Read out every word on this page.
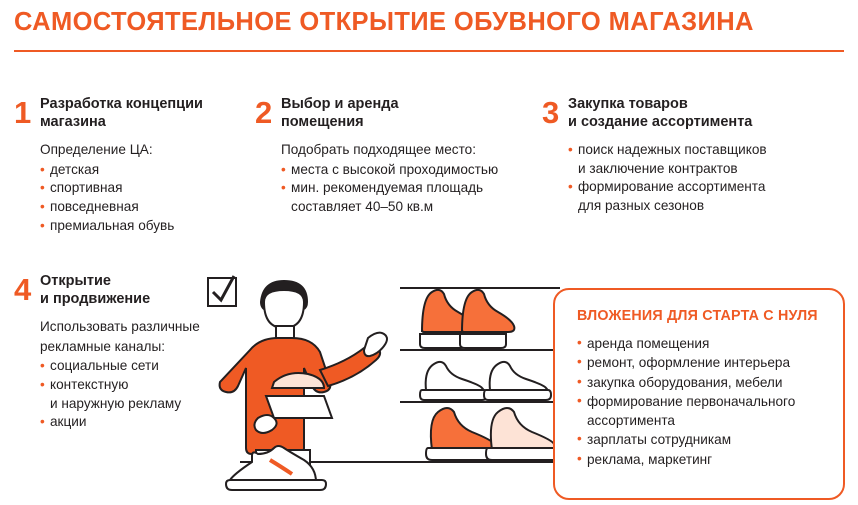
САМОСТОЯТЕЛЬНОЕ ОТКРЫТИЕ ОБУВНОГО МАГАЗИНА
1 Разработка концепции
магазина
Определение ЦА:
• детская
• спортивная
• повседневная
• премиальная обувь
2 Выбор и аренда
помещения
Подобрать подходящее место:
• места с высокой проходимостью
• мин. рекомендуемая площадь
составляет 40–50 кв.м
3 Закупка товаров
и создание ассортимента
• поиск надежных поставщиков
и заключение контрактов
• формирование ассортимента
для разных сезонов
4 Открытие
и продвижение
Использовать различные
рекламные каналы:
• социальные сети
• контекстную
и наружную рекламу
• акции
ВЛОЖЕНИЯ ДЛЯ СТАРТА С НУЛЯ
• аренда помещения
• ремонт, оформление интерьера
• закупка оборудования, мебели
• формирование первоначального
ассортимента
• зарплаты сотрудникам
• реклама, маркетинг
